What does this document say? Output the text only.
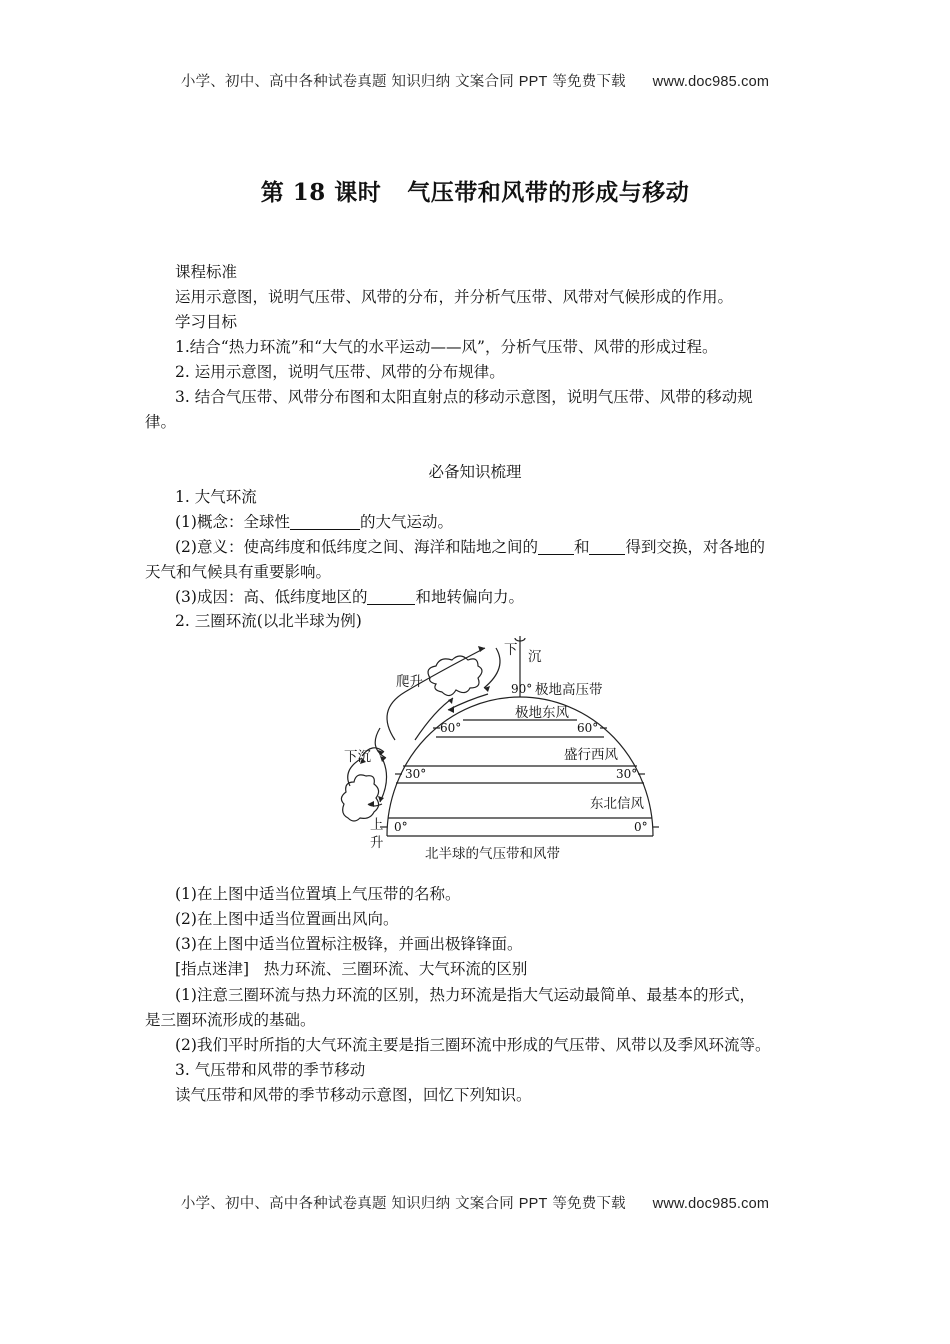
小学、初中、高中各种试卷真题 知识归纳 文案合同 PPT 等免费下载 www.doc985.com
第 18 课时 气压带和风带的形成与移动
课程标准
运用示意图，说明气压带、风带的分布，并分析气压带、风带对气候形成的作用。
学习目标
1.结合“热力环流”和“大气的水平运动——风”，分析气压带、风带的形成过程。
2. 运用示意图，说明气压带、风带的分布规律。
3. 结合气压带、风带分布图和太阳直射点的移动示意图，说明气压带、风带的移动规
律。
必备知识梳理
1. 大气环流
(1)概念：全球性	的大气运动。
(2)意义：使高纬度和低纬度之间、海洋和陆地之间的 和 得到交换，对各地的
天气和气候具有重要影响。
(3)成因：高、低纬度地区的	和地转偏向力。
2. 三圈环流(以北半球为例)
下 沉
爬升	90° 极地高压带
极地东风
60°	60°
盛行西风
下沉
30°	30°
东北信风
上
升
0°	0°
北半球的气压带和风带
(1)在上图中适当位置填上气压带的名称。
(2)在上图中适当位置画出风向。
(3)在上图中适当位置标注极锋，并画出极锋锋面。
[指点迷津] 热力环流、三圈环流、大气环流的区别
(1)注意三圈环流与热力环流的区别，热力环流是指大气运动最简单、最基本的形式，
是三圈环流形成的基础。
(2)我们平时所指的大气环流主要是指三圈环流中形成的气压带、风带以及季风环流等。
3. 气压带和风带的季节移动
读气压带和风带的季节移动示意图，回忆下列知识。
小学、初中、高中各种试卷真题 知识归纳 文案合同 PPT 等免费下载 www.doc985.com
